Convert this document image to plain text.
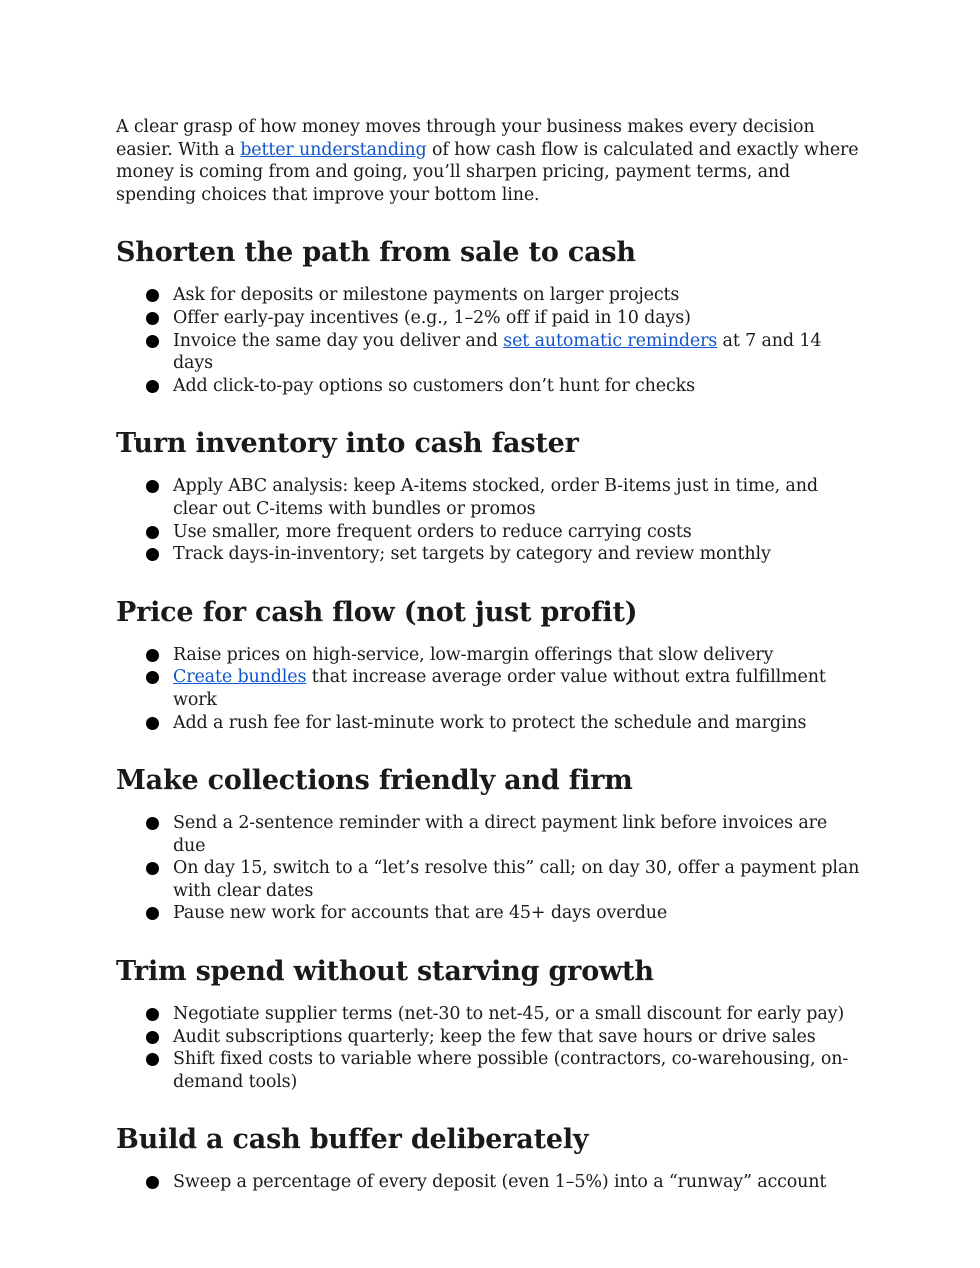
A clear grasp of how money moves through your business makes every decision easier. With a better understanding of how cash flow is calculated and exactly where money is coming from and going, you’ll sharpen pricing, payment terms, and spending choices that improve your bottom line.

Shorten the path from sale to cash
Ask for deposits or milestone payments on larger projects
Offer early-pay incentives (e.g., 1–2% off if paid in 10 days)
Invoice the same day you deliver and set automatic reminders at 7 and 14 days
Add click-to-pay options so customers don’t hunt for checks
Turn inventory into cash faster
Apply ABC analysis: keep A-items stocked, order B-items just in time, and clear out C-items with bundles or promos
Use smaller, more frequent orders to reduce carrying costs
Track days-in-inventory; set targets by category and review monthly
Price for cash flow (not just profit)
Raise prices on high-service, low-margin offerings that slow delivery
Create bundles that increase average order value without extra fulfillment work
Add a rush fee for last-minute work to protect the schedule and margins
Make collections friendly and firm
Send a 2-sentence reminder with a direct payment link before invoices are due
On day 15, switch to a “let’s resolve this” call; on day 30, offer a payment plan with clear dates
Pause new work for accounts that are 45+ days overdue
Trim spend without starving growth
Negotiate supplier terms (net-30 to net-45, or a small discount for early pay)
Audit subscriptions quarterly; keep the few that save hours or drive sales
Shift fixed costs to variable where possible (contractors, co-warehousing, on-demand tools)
Build a cash buffer deliberately
Sweep a percentage of every deposit (even 1–5%) into a “runway” account
